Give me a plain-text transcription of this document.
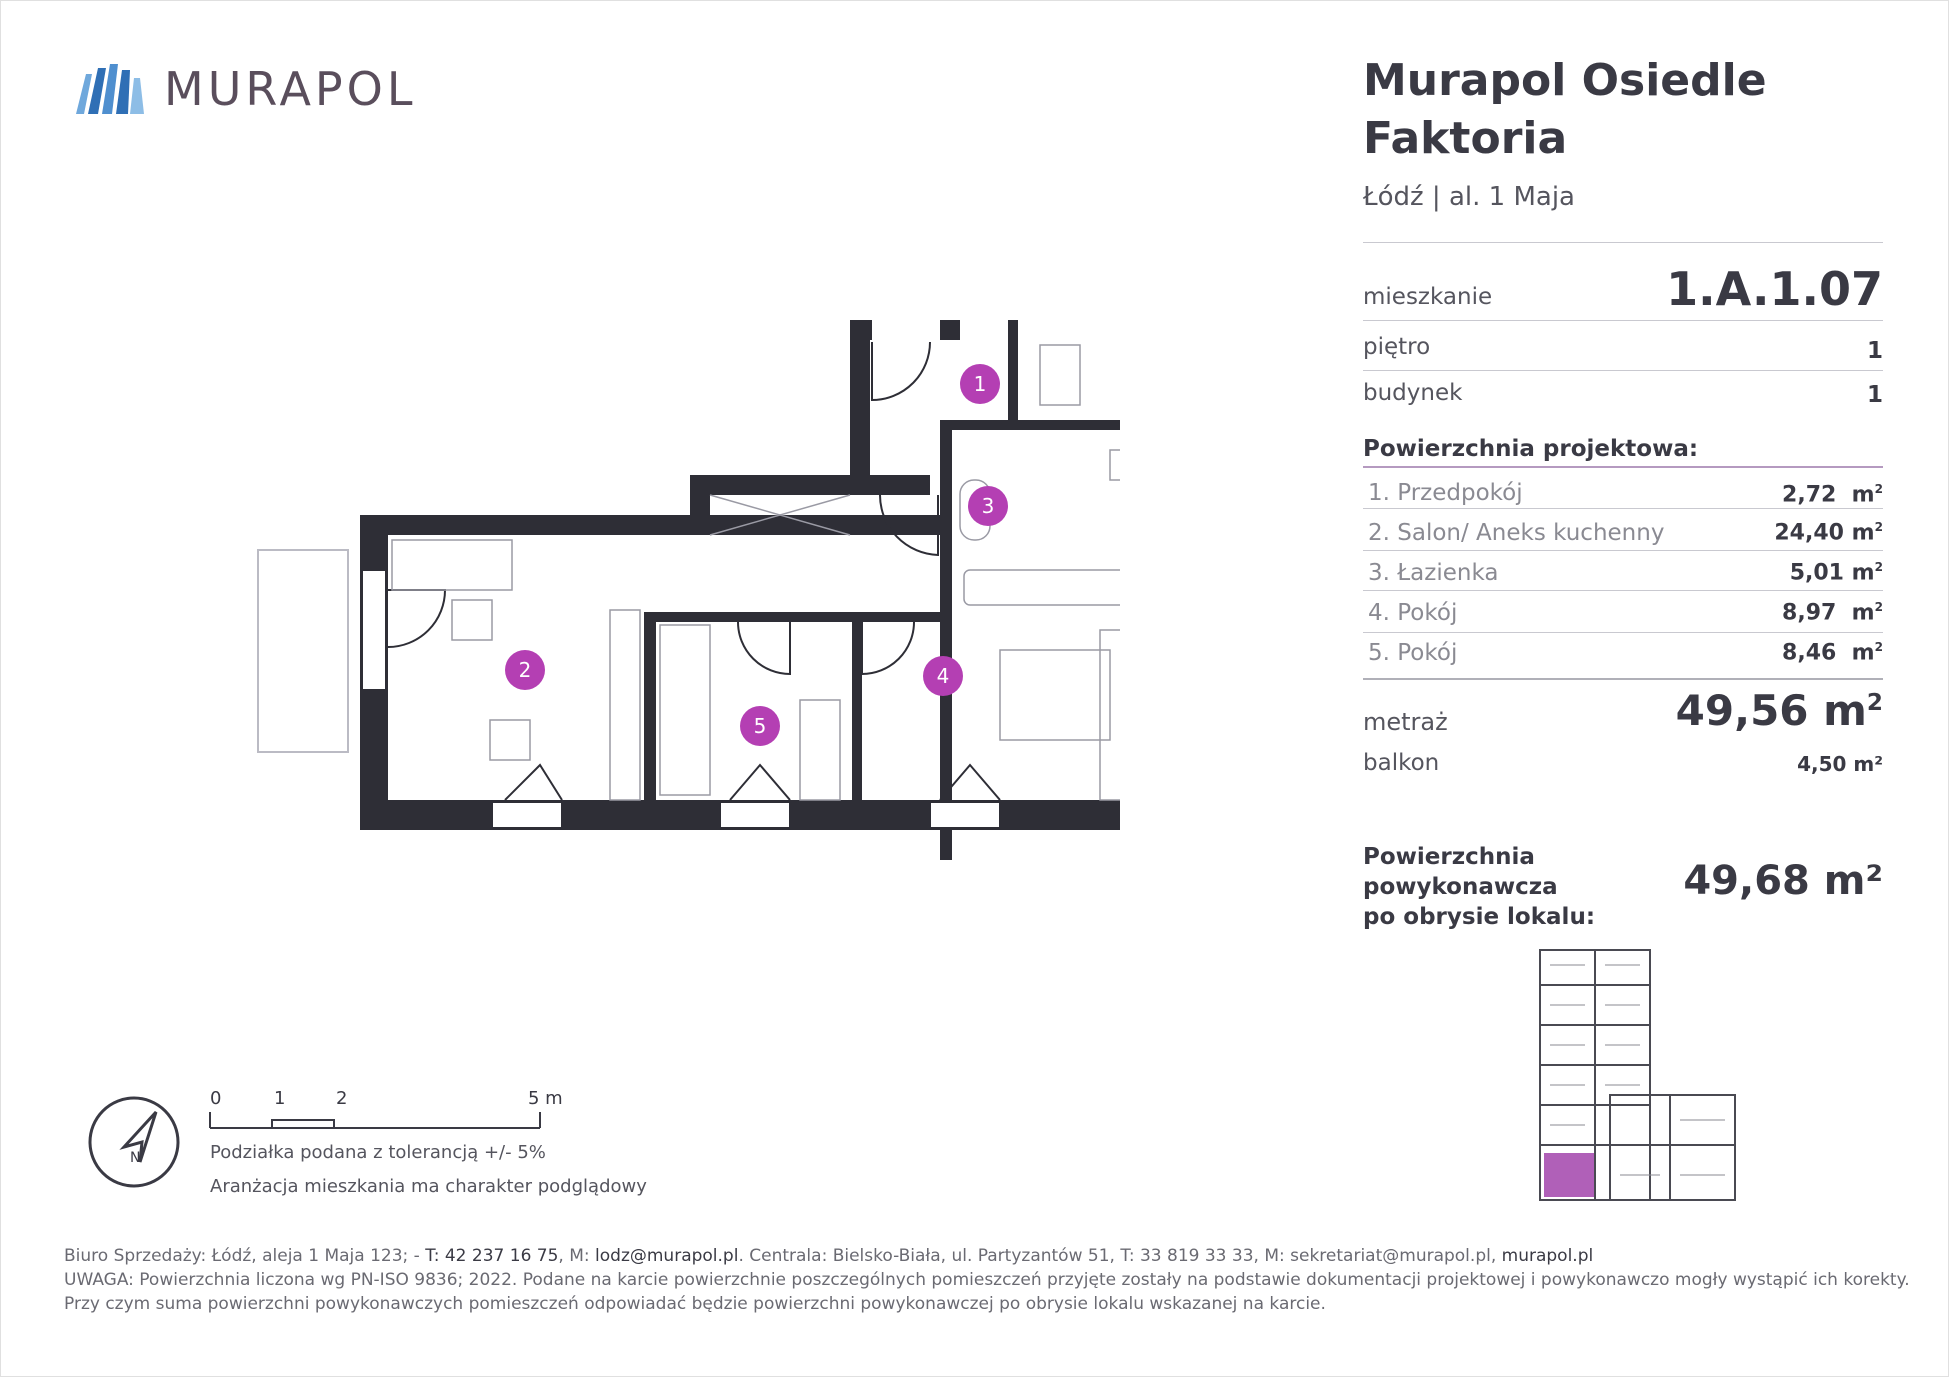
MURAPOL
1
2
3
4
5
Murapol Osiedle
Faktoria
Łódź | al. 1 Maja
mieszkanie	1.A.1.07
piętro	1
budynek	1
Powierzchnia projektowa:
1. Przedpokój	2,72 $m^2$
2. Salon/ Aneks kuchenny	24,40 $m^2$
3. Łazienka	5,01 $m^2$
4. Pokój	8,97 $m^2$
5. Pokój	8,46 $m^2$
metraż	49,56 $m^2$
balkon	4,50 m²
Powierzchnia powykonawcza
po obrysie lokalu:
49,68 m²
N
0	1	2	5 m
Podziałka podana z tolerancją +/- 5%
Aranżacja mieszkania ma charakter podglądowy
Biuro Sprzedaży: Łódź, aleja 1 Maja 123; - T: 42 237 16 75, M: lodz@murapol.pl. Centrala: Bielsko-Biała, ul. Partyzantów 51, T: 33 819 33 33, M: sekretariat@murapol.pl, murapol.pl
UWAGA: Powierzchnia liczona wg PN-ISO 9836; 2022. Podane na karcie powierzchnie poszczególnych pomieszczeń przyjęte zostały na podstawie dokumentacji projektowej i powykonawczo mogły wystąpić ich korekty.
Przy czym suma powierzchni powykonawczych pomieszczeń odpowiadać będzie powierzchni powykonawczej po obrysie lokalu wskazanej na karcie.
